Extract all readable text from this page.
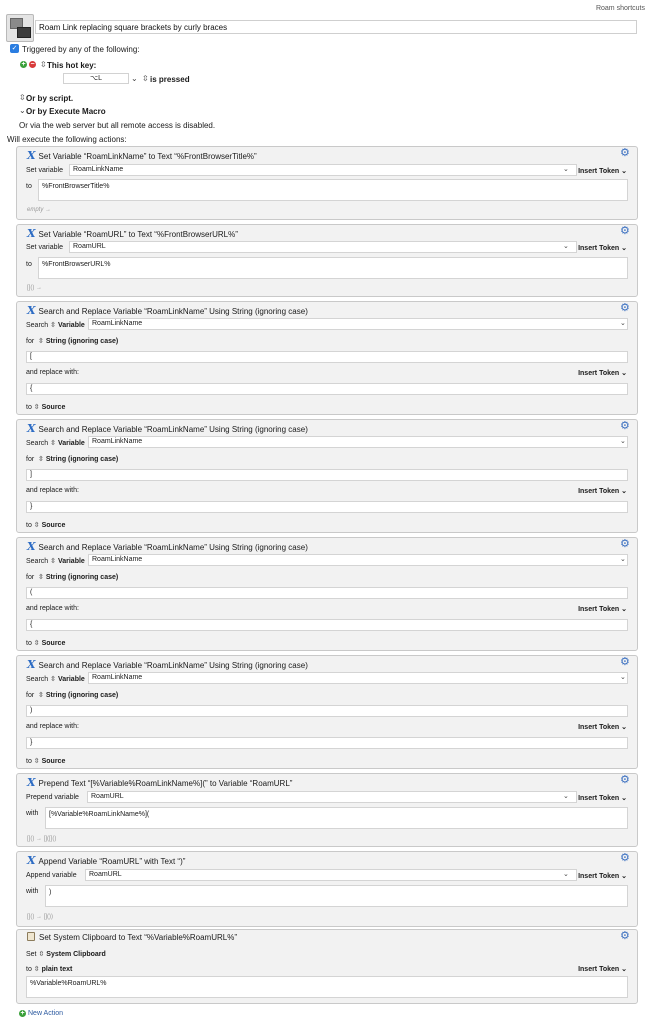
Roam shortcuts
Roam Link replacing square brackets by curly braces
✓ Triggered by any of the following:
+ − ⇳ This hot key:
⌥L	⌄ ⇳ is pressed
⇳ Or by script.
⌄ Or by Execute Macro
Or via the web server but all remote access is disabled.
Will execute the following actions:
X Set Variable “RoamLinkName” to Text “%FrontBrowserTitle%”	⚙
Set variable	RoamLinkName	⌄ Insert Token ⌄
to	%FrontBrowserTitle%
empty →
X Set Variable “RoamURL” to Text “%FrontBrowserURL%”	⚙
Set variable	RoamURL	⌄ Insert Token ⌄
to	%FrontBrowserURL%
[]() →
X Search and Replace Variable “RoamLinkName” Using String (ignoring case)	⚙
Search ⇳ Variable	RoamLinkName	⌄
for  ⇳ String (ignoring case)
[
and replace with:	Insert Token ⌄
{
to ⇳ Source
X Search and Replace Variable “RoamLinkName” Using String (ignoring case)	⚙
Search ⇳ Variable	RoamLinkName	⌄
for  ⇳ String (ignoring case)
]
and replace with:	Insert Token ⌄
}
to ⇳ Source
X Search and Replace Variable “RoamLinkName” Using String (ignoring case)	⚙
Search ⇳ Variable	RoamLinkName	⌄
for  ⇳ String (ignoring case)
(
and replace with:	Insert Token ⌄
{
to ⇳ Source
X Search and Replace Variable “RoamLinkName” Using String (ignoring case)	⚙
Search ⇳ Variable	RoamLinkName	⌄
for  ⇳ String (ignoring case)
)
and replace with:	Insert Token ⌄
}
to ⇳ Source
X Prepend Text “[%Variable%RoamLinkName%](” to Variable “RoamURL”	⚙
Prepend variable	RoamURL	⌄ Insert Token ⌄
with	[%Variable%RoamLinkName%](
[]() → []([]()
X Append Variable “RoamURL” with Text “)”	⚙
Append variable	RoamURL	⌄ Insert Token ⌄
with	)
[]() → []())
Set System Clipboard to Text “%Variable%RoamURL%”	⚙
Set ⇳ System Clipboard
to ⇳ plain text	Insert Token ⌄
%Variable%RoamURL%
+ New Action
